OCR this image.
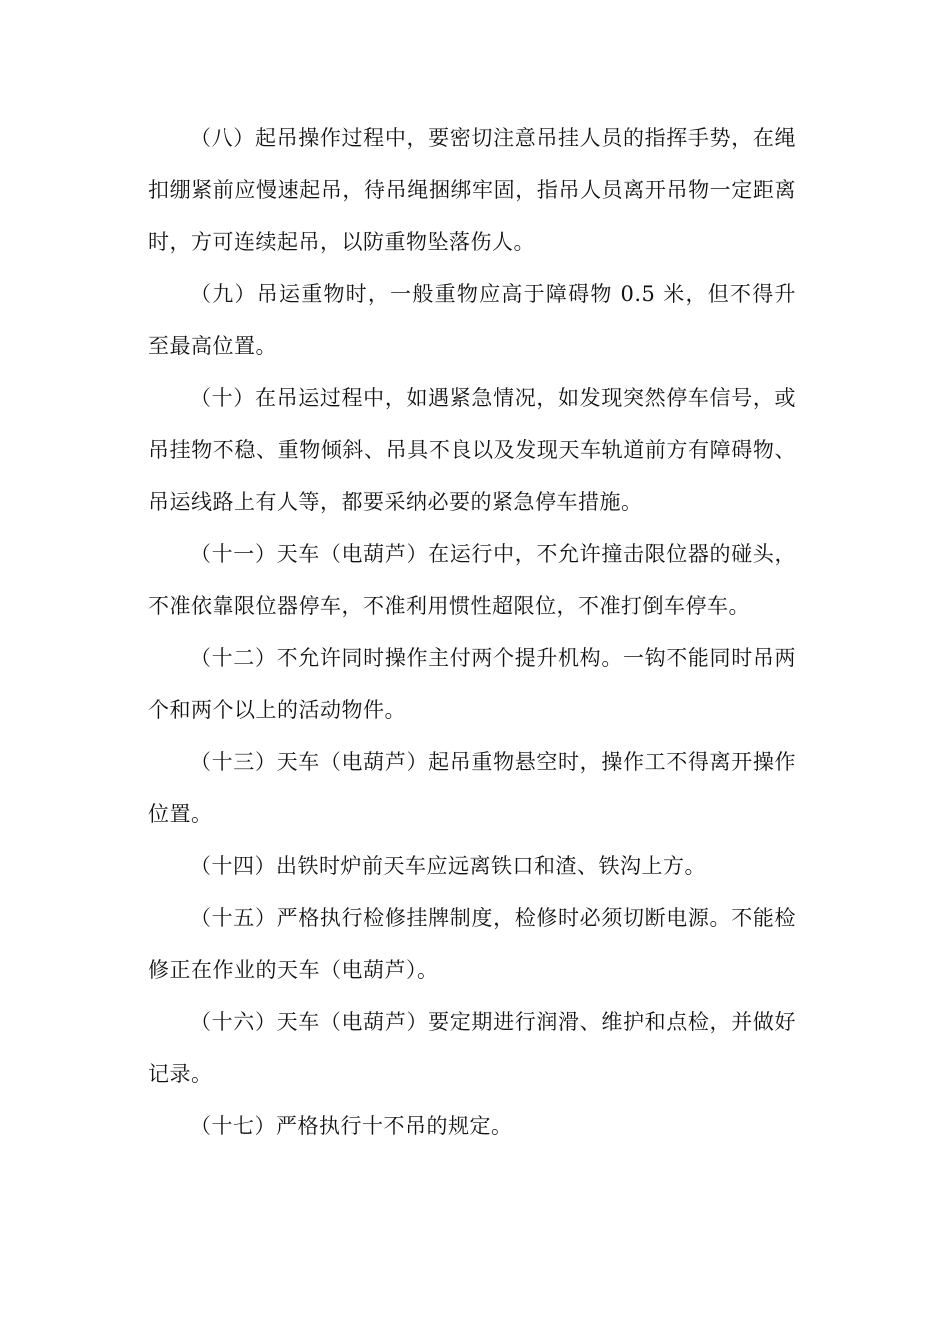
（八）起吊操作过程中，要密切注意吊挂人员的指挥手势，在绳扣绷紧前应慢速起吊，待吊绳捆绑牢固，指吊人员离开吊物一定距离时，方可连续起吊，以防重物坠落伤人。

（九）吊运重物时，一般重物应高于障碍物 0.5 米，但不得升至最高位置。

（十）在吊运过程中，如遇紧急情况，如发现突然停车信号，或吊挂物不稳、重物倾斜、吊具不良以及发现天车轨道前方有障碍物、吊运线路上有人等，都要采纳必要的紧急停车措施。

（十一）天车（电葫芦）在运行中，不允许撞击限位器的碰头，不准依靠限位器停车，不准利用惯性超限位，不准打倒车停车。

（十二）不允许同时操作主付两个提升机构。一钩不能同时吊两个和两个以上的活动物件。

（十三）天车（电葫芦）起吊重物悬空时，操作工不得离开操作位置。

（十四）出铁时炉前天车应远离铁口和渣、铁沟上方。

（十五）严格执行检修挂牌制度，检修时必须切断电源。不能检修正在作业的天车（电葫芦）。

（十六）天车（电葫芦）要定期进行润滑、维护和点检，并做好记录。

（十七）严格执行十不吊的规定。
